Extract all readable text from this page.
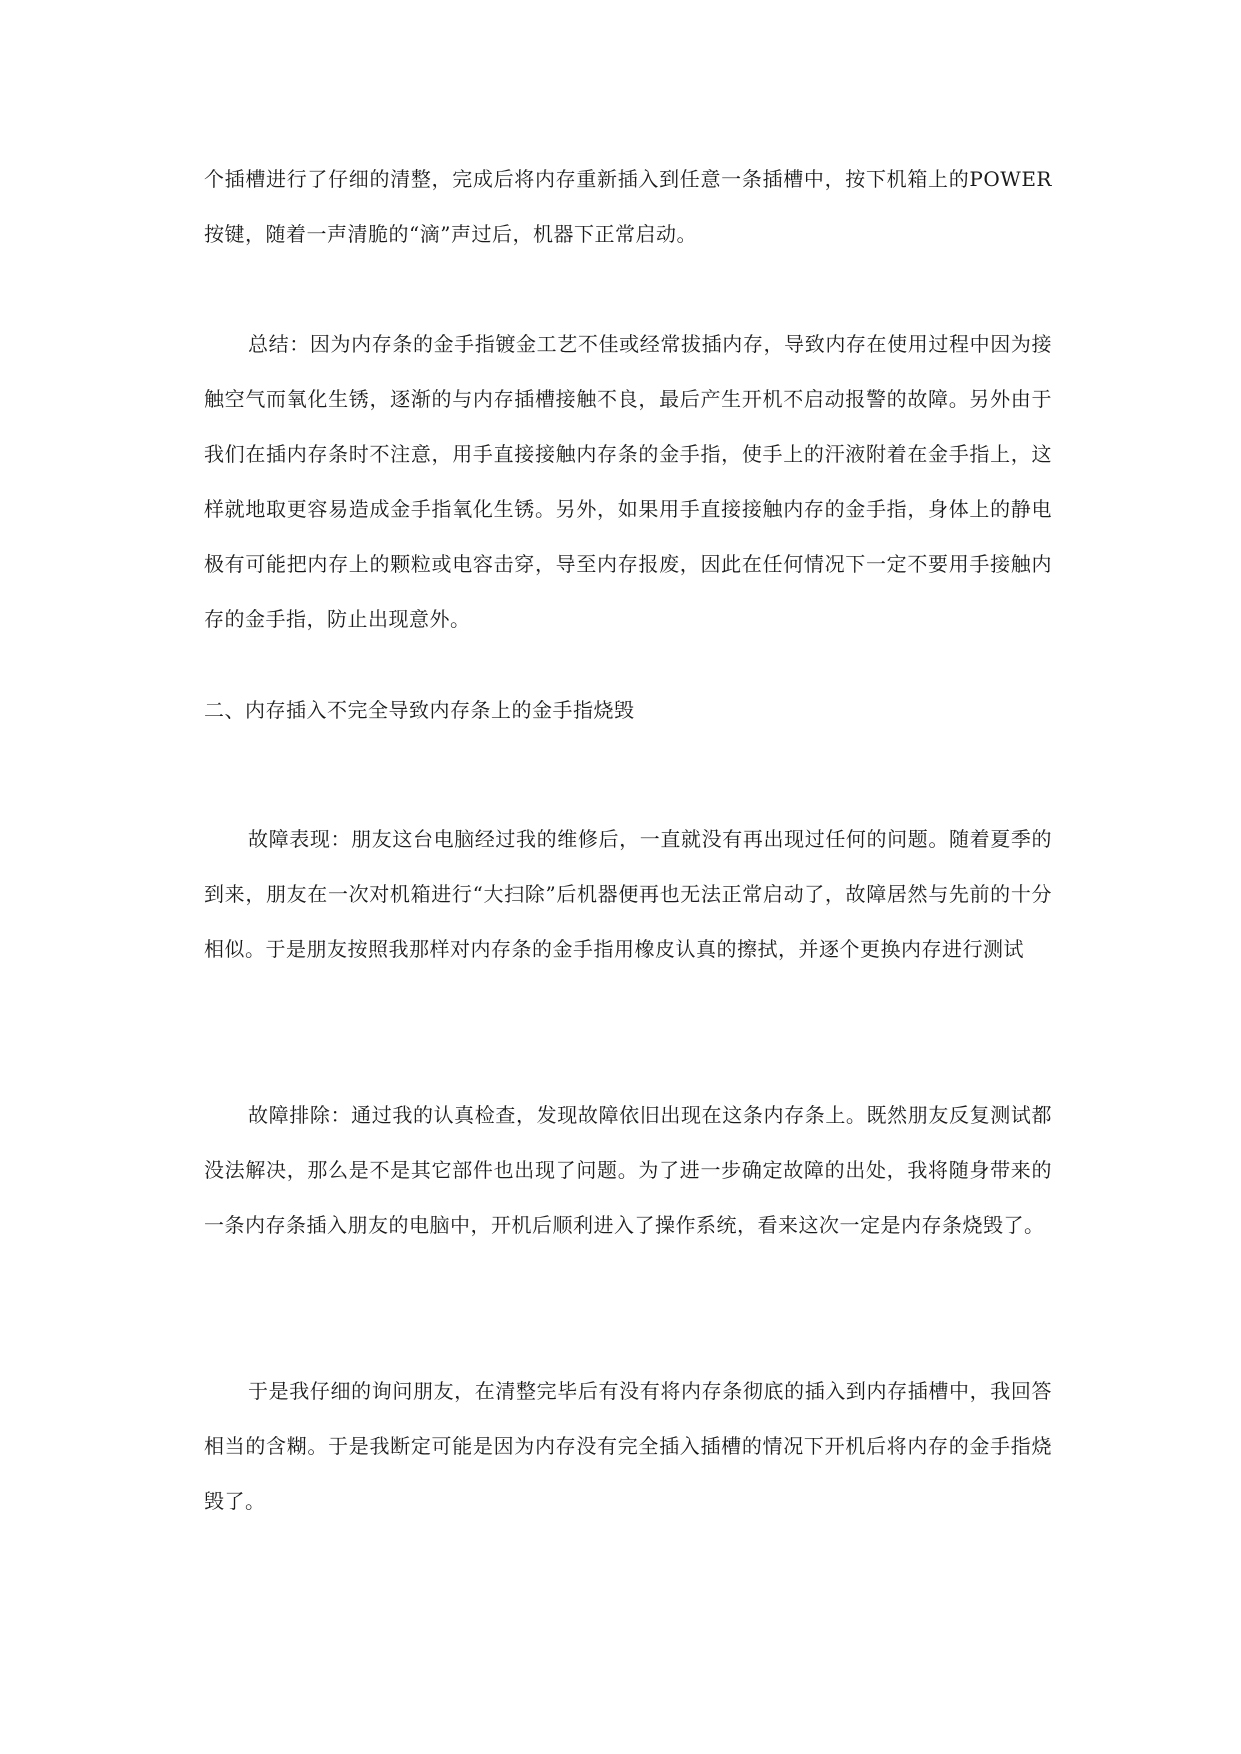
个插槽进行了仔细的清整，完成后将内存重新插入到任意一条插槽中，按下机箱上的POWER按键，随着一声清脆的“滴”声过后，机器下正常启动。

总结：因为内存条的金手指镀金工艺不佳或经常拔插内存，导致内存在使用过程中因为接触空气而氧化生锈，逐渐的与内存插槽接触不良，最后产生开机不启动报警的故障。另外由于我们在插内存条时不注意，用手直接接触内存条的金手指，使手上的汗液附着在金手指上，这样就地取更容易造成金手指氧化生锈。另外，如果用手直接接触内存的金手指，身体上的静电极有可能把内存上的颗粒或电容击穿，导至内存报废，因此在任何情况下一定不要用手接触内存的金手指，防止出现意外。

二、内存插入不完全导致内存条上的金手指烧毁

故障表现：朋友这台电脑经过我的维修后，一直就没有再出现过任何的问题。随着夏季的到来，朋友在一次对机箱进行“大扫除”后机器便再也无法正常启动了，故障居然与先前的十分相似。于是朋友按照我那样对内存条的金手指用橡皮认真的擦拭，并逐个更换内存进行测试

故障排除：通过我的认真检查，发现故障依旧出现在这条内存条上。既然朋友反复测试都没法解决，那么是不是其它部件也出现了问题。为了进一步确定故障的出处，我将随身带来的一条内存条插入朋友的电脑中，开机后顺利进入了操作系统，看来这次一定是内存条烧毁了。

于是我仔细的询问朋友，在清整完毕后有没有将内存条彻底的插入到内存插槽中，我回答相当的含糊。于是我断定可能是因为内存没有完全插入插槽的情况下开机后将内存的金手指烧毁了。
